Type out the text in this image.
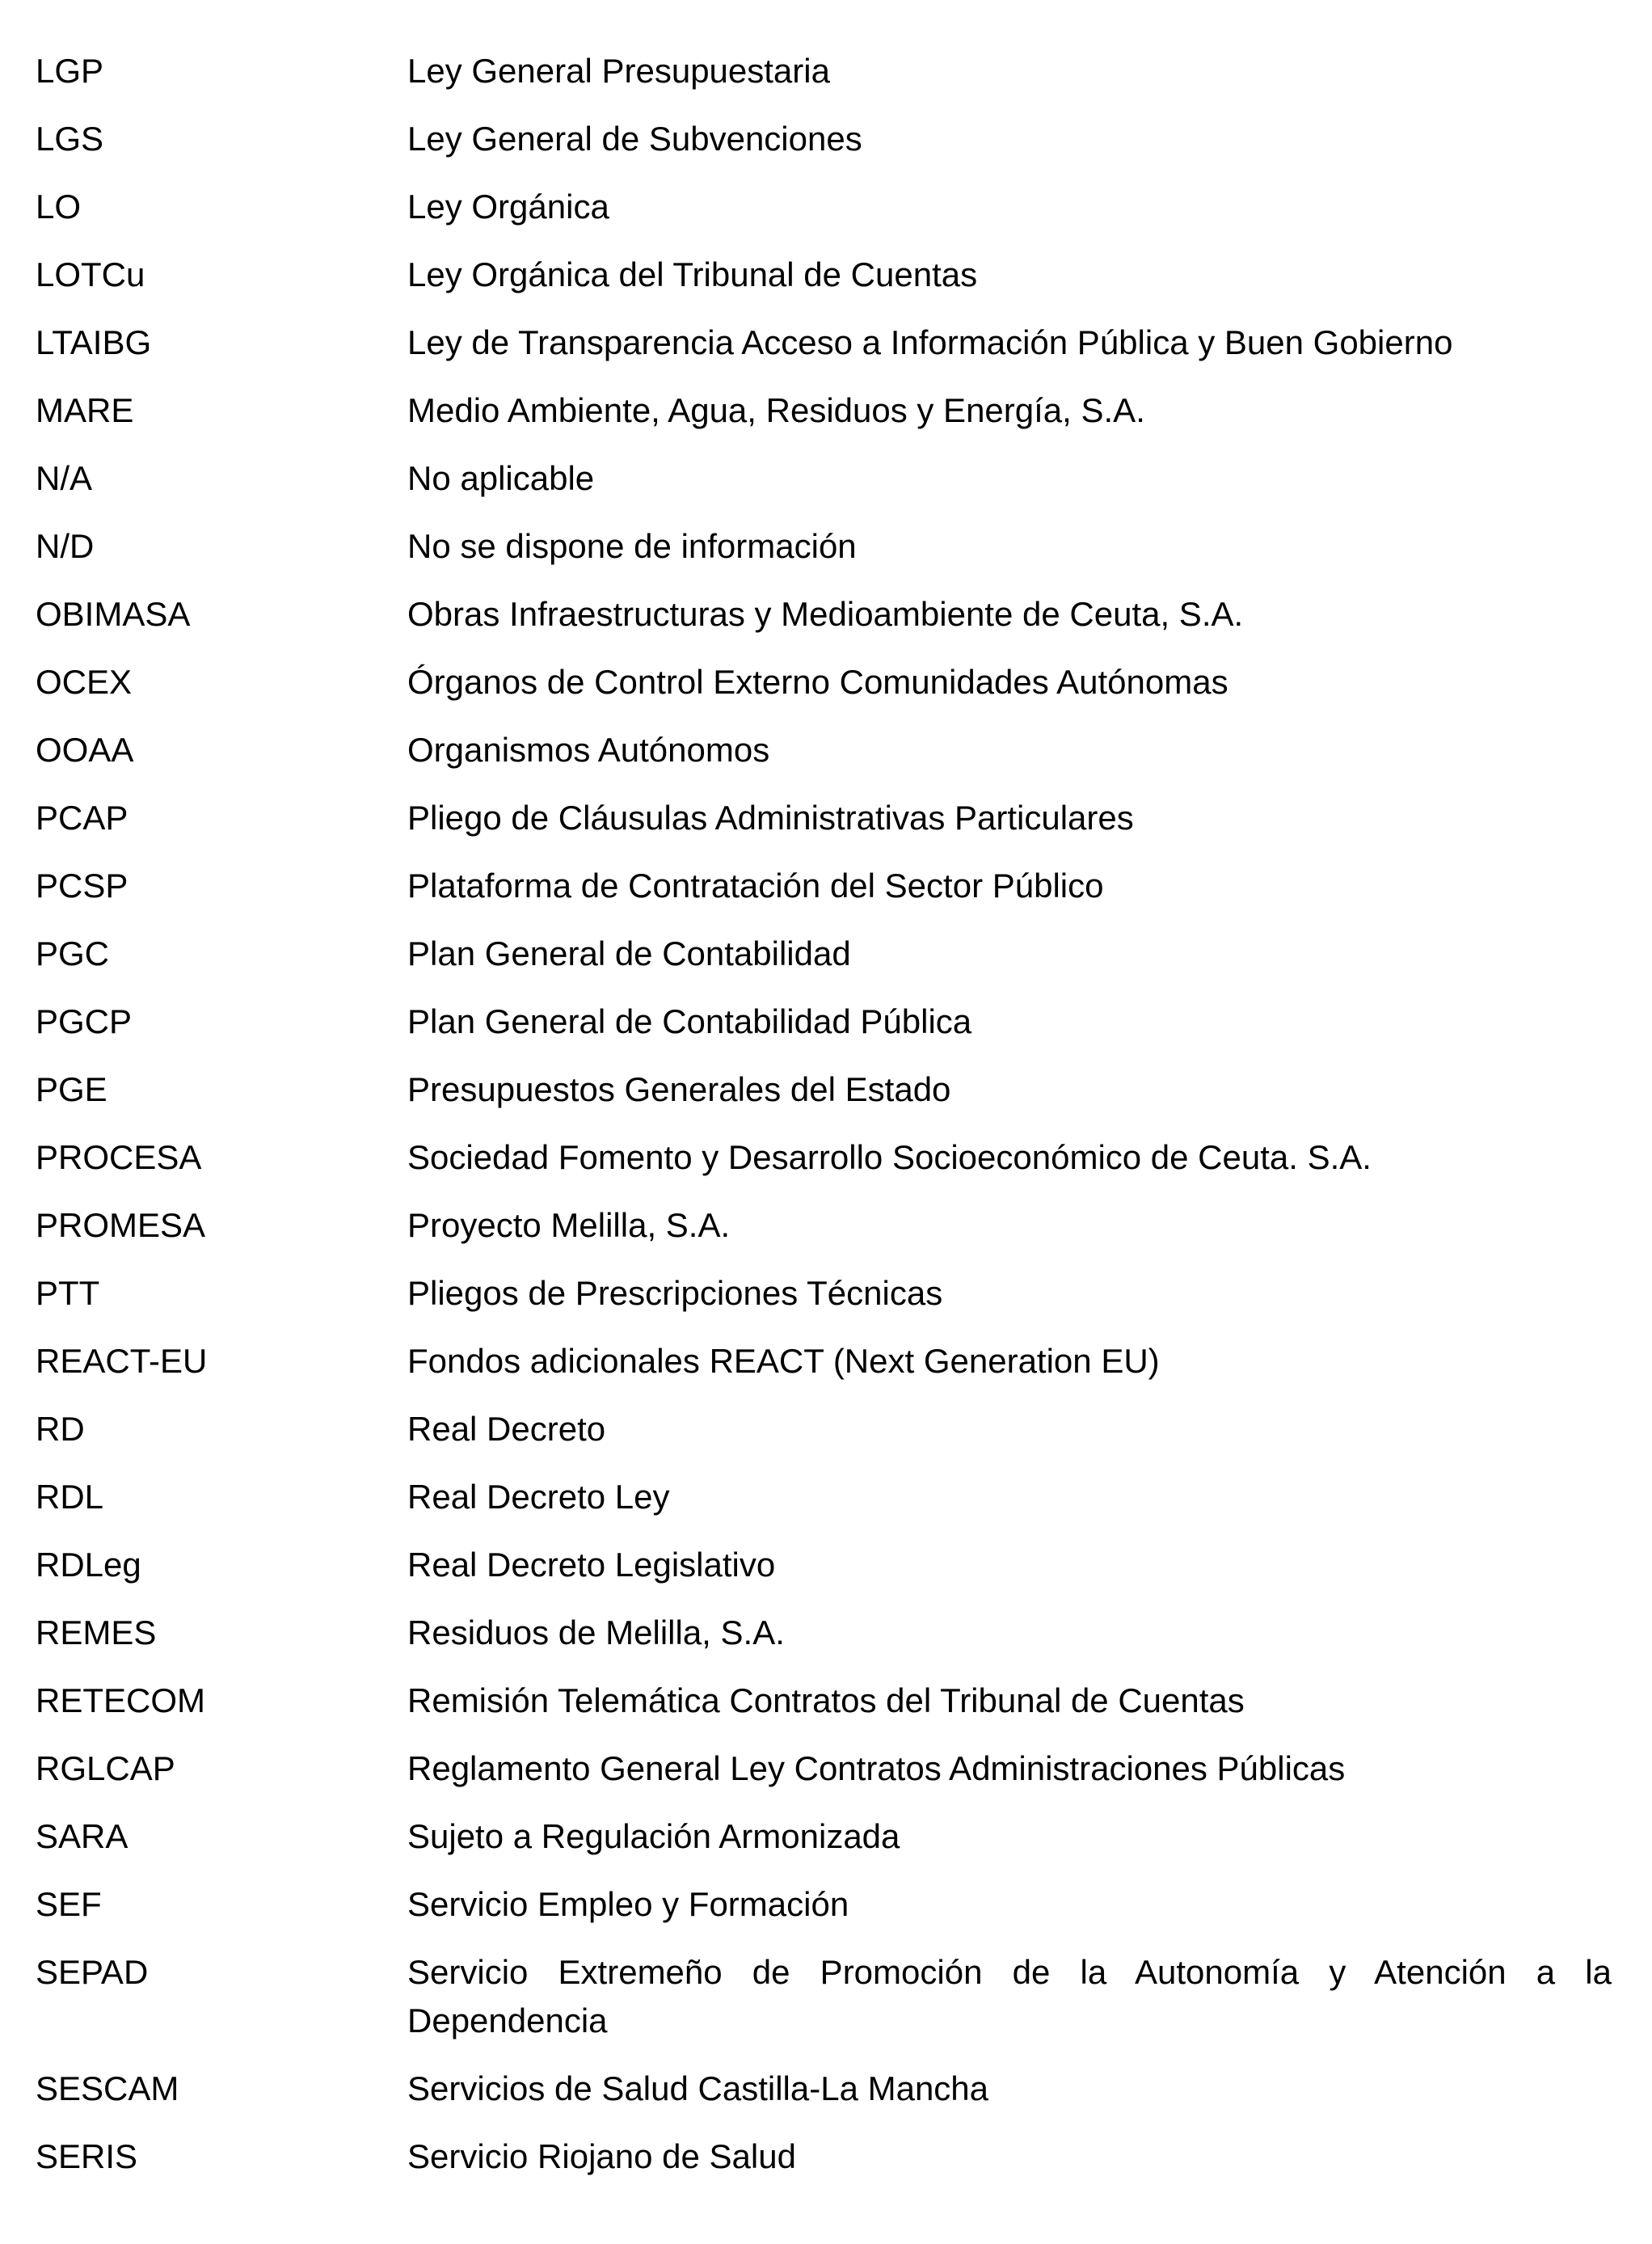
LGP	Ley General Presupuestaria
LGS	Ley General de Subvenciones
LO	Ley Orgánica
LOTCu	Ley Orgánica del Tribunal de Cuentas
LTAIBG	Ley de Transparencia Acceso a Información Pública y Buen Gobierno
MARE	Medio Ambiente, Agua, Residuos y Energía, S.A.
N/A	No aplicable
N/D	No se dispone de información
OBIMASA	Obras Infraestructuras y Medioambiente de Ceuta, S.A.
OCEX	Órganos de Control Externo Comunidades Autónomas
OOAA	Organismos Autónomos
PCAP	Pliego de Cláusulas Administrativas Particulares
PCSP	Plataforma de Contratación del Sector Público
PGC	Plan General de Contabilidad
PGCP	Plan General de Contabilidad Pública
PGE	Presupuestos Generales del Estado
PROCESA	Sociedad Fomento y Desarrollo Socioeconómico de Ceuta. S.A.
PROMESA	Proyecto Melilla, S.A.
PTT	Pliegos de Prescripciones Técnicas
REACT-EU	Fondos adicionales REACT (Next Generation EU)
RD	Real Decreto
RDL	Real Decreto Ley
RDLeg	Real Decreto Legislativo
REMES	Residuos de Melilla, S.A.
RETECOM	Remisión Telemática Contratos del Tribunal de Cuentas
RGLCAP	Reglamento General Ley Contratos Administraciones Públicas
SARA	Sujeto a Regulación Armonizada
SEF	Servicio Empleo y Formación
SEPAD	Servicio Extremeño de Promoción de la Autonomía y Atención a la Dependencia
SESCAM	Servicios de Salud Castilla-La Mancha
SERIS	Servicio Riojano de Salud
